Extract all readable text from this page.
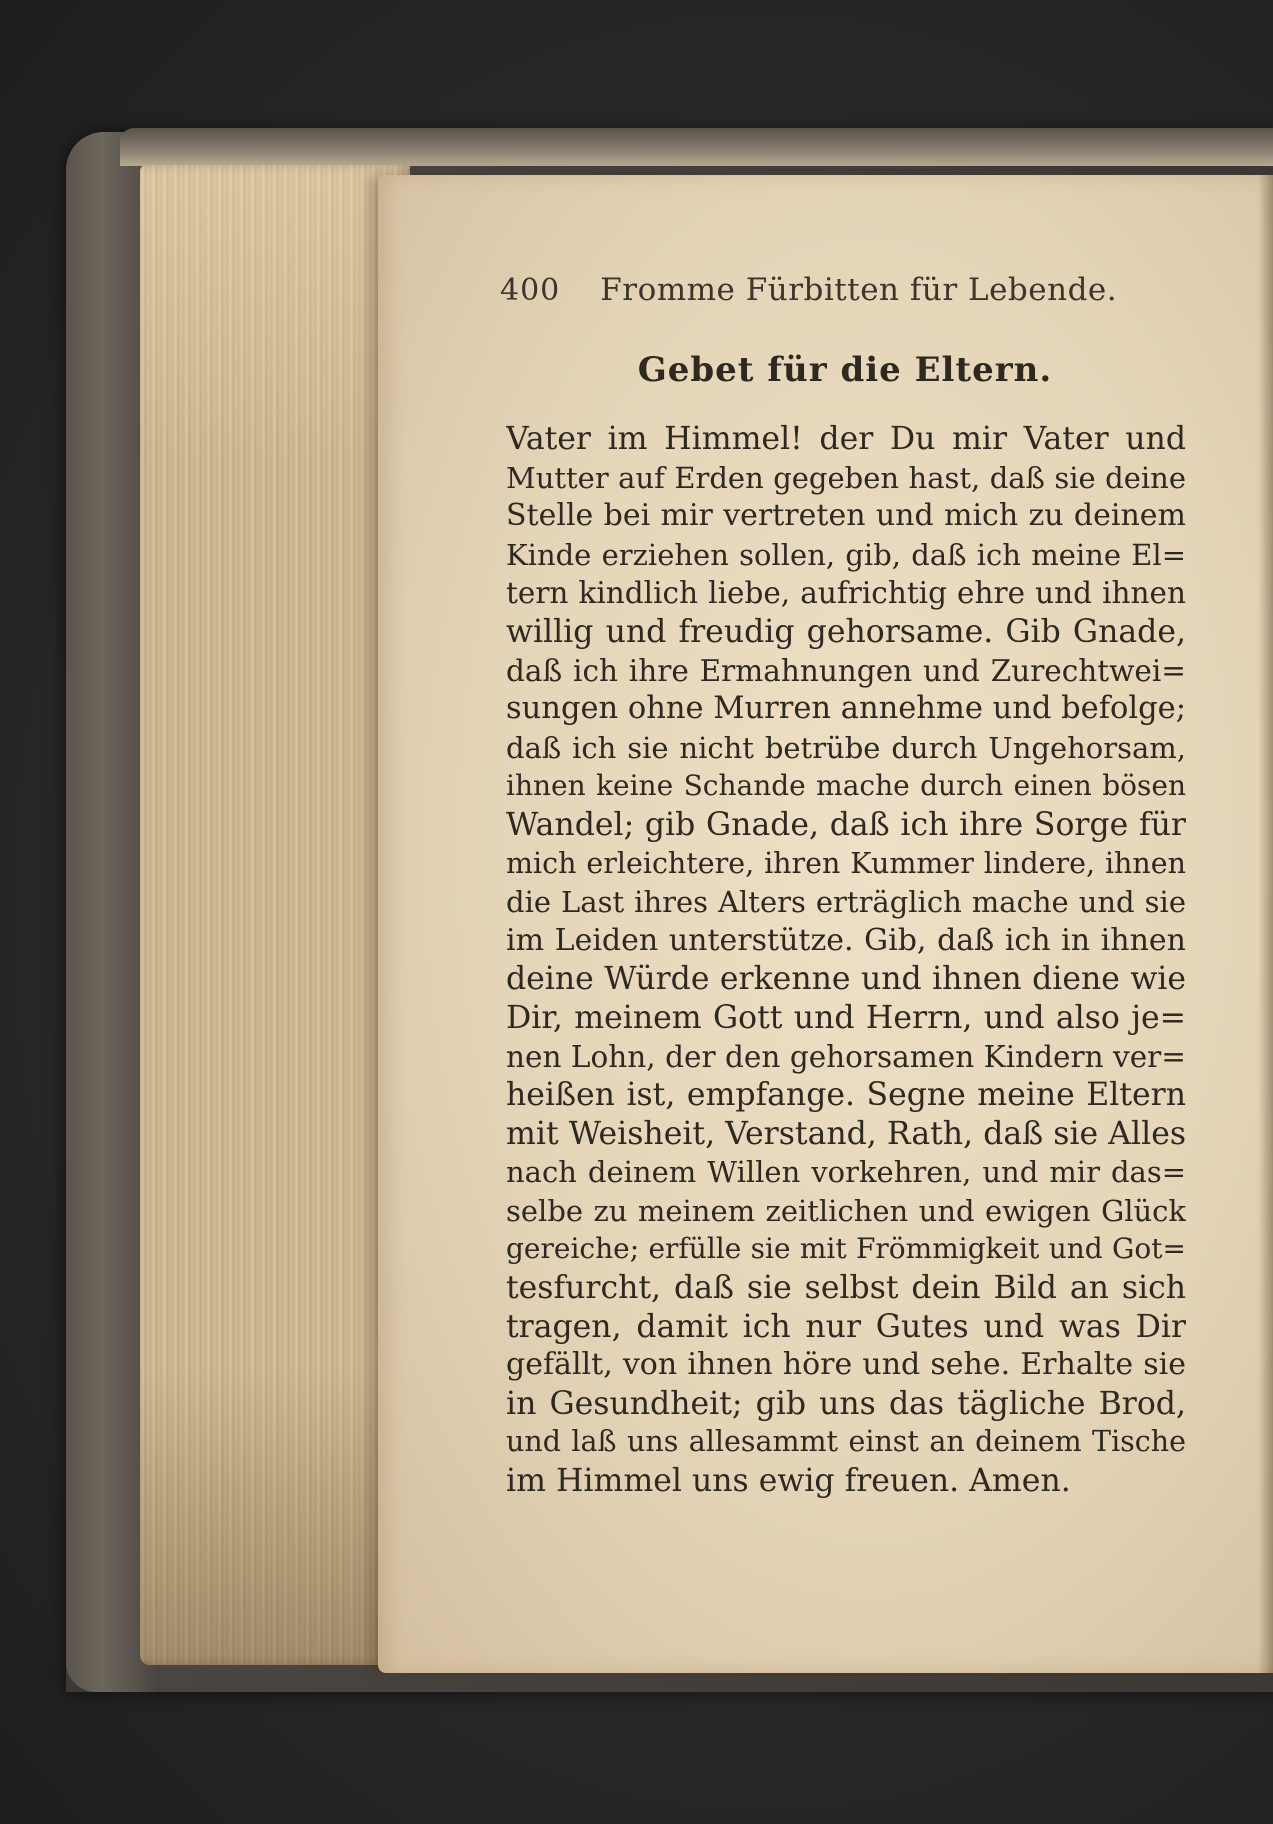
400 Fromme Fürbitten für Lebende.
Gebet für die Eltern.
Vater im Himmel! der Du mir Vater und
Mutter auf Erden gegeben hast, daß sie deine
Stelle bei mir vertreten und mich zu deinem
Kinde erziehen sollen, gib, daß ich meine El=
tern kindlich liebe, aufrichtig ehre und ihnen
willig und freudig gehorsame. Gib Gnade,
daß ich ihre Ermahnungen und Zurechtwei=
sungen ohne Murren annehme und befolge;
daß ich sie nicht betrübe durch Ungehorsam,
ihnen keine Schande mache durch einen bösen
Wandel; gib Gnade, daß ich ihre Sorge für
mich erleichtere, ihren Kummer lindere, ihnen
die Last ihres Alters erträglich mache und sie
im Leiden unterstütze. Gib, daß ich in ihnen
deine Würde erkenne und ihnen diene wie
Dir, meinem Gott und Herrn, und also je=
nen Lohn, der den gehorsamen Kindern ver=
heißen ist, empfange. Segne meine Eltern
mit Weisheit, Verstand, Rath, daß sie Alles
nach deinem Willen vorkehren, und mir das=
selbe zu meinem zeitlichen und ewigen Glück
gereiche; erfülle sie mit Frömmigkeit und Got=
tesfurcht, daß sie selbst dein Bild an sich
tragen, damit ich nur Gutes und was Dir
gefällt, von ihnen höre und sehe. Erhalte sie
in Gesundheit; gib uns das tägliche Brod,
und laß uns allesammt einst an deinem Tische
im Himmel uns ewig freuen. Amen.
